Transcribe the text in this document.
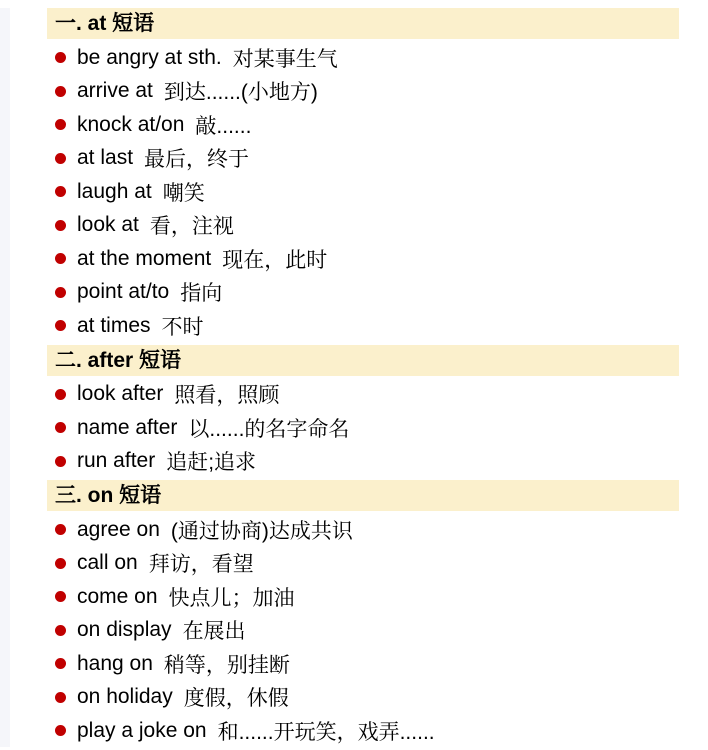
一. at 短语
be angry at sth. 对某事生气
arrive at 到达......(小地方)
knock at/on 敲......
at last 最后，终于
laugh at 嘲笑
look at 看，注视
at the moment 现在，此时
point at/to 指向
at times 不时
二. after 短语
look after 照看，照顾
name after 以......的名字命名
run after 追赶;追求
三. on 短语
agree on (通过协商)达成共识
call on 拜访，看望
come on 快点儿；加油
on display 在展出
hang on 稍等，别挂断
on holiday 度假，休假
play a joke on 和......开玩笑，戏弄......
